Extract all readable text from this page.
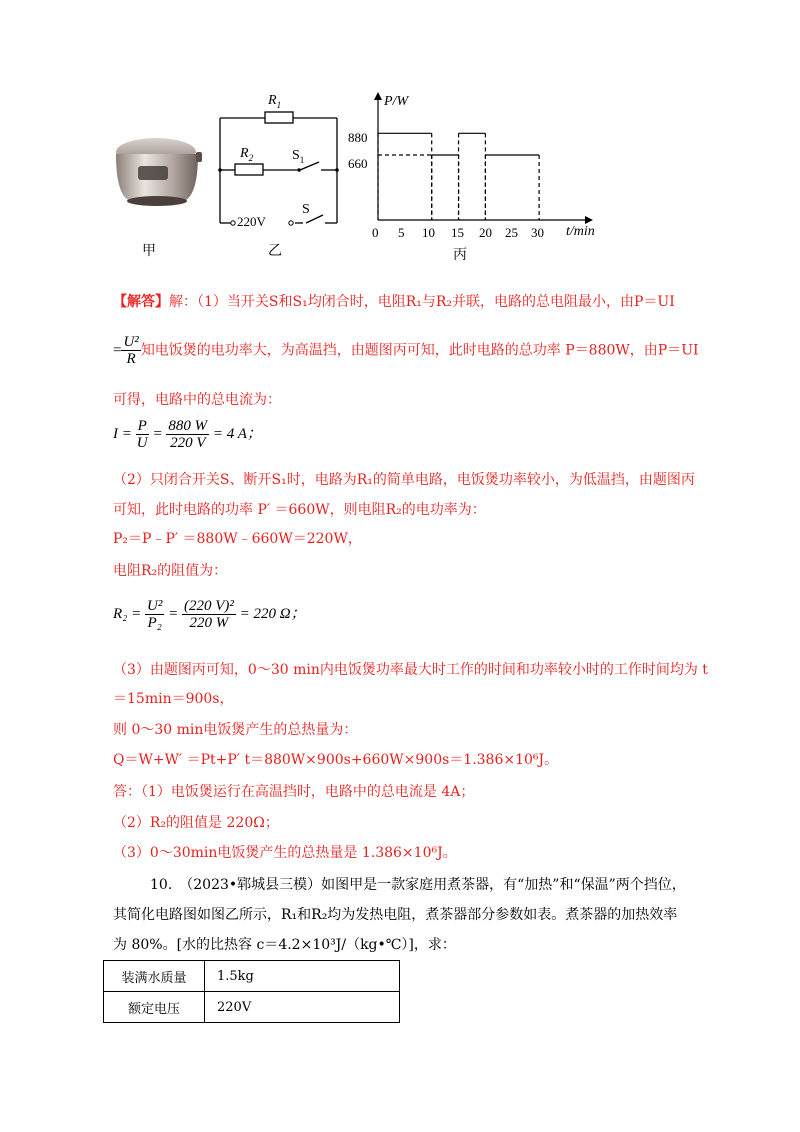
甲
$R_1$
$R_2$	$S_1$
220V
S
乙
P/W
880
660
0 5 10 15 20 25 30 t/min
丙
【解答】解：（1）当开关S和S₁均闭合时，电阻R₁与R₂并联，电路的总电阻最小，由P＝UI
= $\frac{\text{U²}}{R}$ 知电饭煲的电功率大，为高温挡，由题图丙可知，此时电路的总功率 P＝880W，由P＝UI
可得，电路中的总电流为：
$I = \frac{P}{U} = \frac{880 W}{220 V} = 4$ A；
（2）只闭合开关S、断开S₁时，电路为R₁的简单电路，电饭煲功率较小，为低温挡，由题图丙
可知，此时电路的功率 P′ ＝660W，则电阻R₂的电功率为：
P₂＝P﹣P′ ＝880W﹣660W＝220W，
电阻R₂的阻值为：
$R_2 = \frac{\text{U²}}{\text{P₂}} = \frac{\text{(220 V)²}}{220 W} = 220$ Ω；
（3）由题图丙可知，0～30 min内电饭煲功率最大时工作的时间和功率较小时的工作时间均为 t
＝15min＝900s，
则 0～30 min电饭煲产生的总热量为：
Q＝W+W′ ＝Pt+P′ t＝880W×900s+660W×900s＝1.386×10⁶J。
答：（1）电饭煲运行在高温挡时，电路中的总电流是 4A；
（2）R₂的阻值是 220Ω；
（3）0～30min电饭煲产生的总热量是 1.386×10⁶J。
10.　（2023•郓城县三模）如图甲是一款家庭用煮茶器，有“加热”和“保温”两个挡位，
其简化电路图如图乙所示，R₁和R₂均为发热电阻，煮茶器部分参数如表。煮茶器的加热效率
为 80%。[水的比热容 c＝4.2×10³J/（kg•℃）]，求：
装满水质量	1.5kg
额定电压	220V
